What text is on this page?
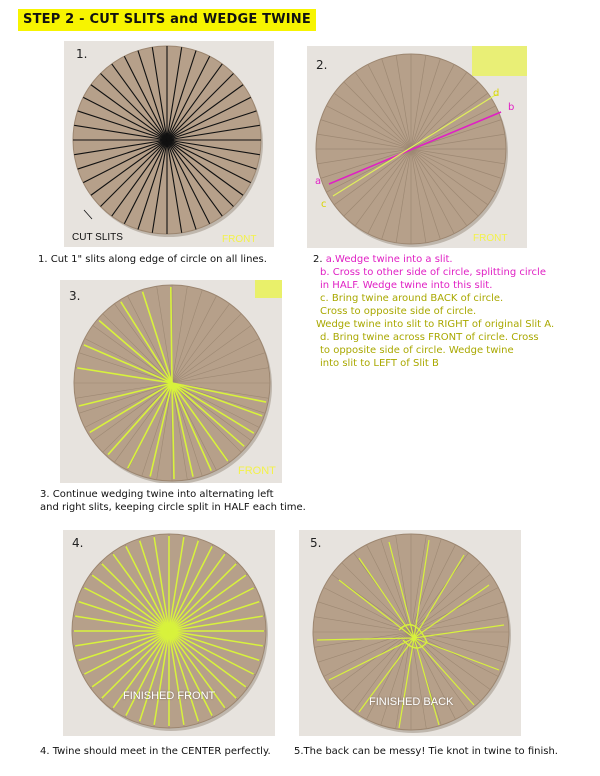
STEP 2 - CUT SLITS and WEDGE TWINE
1.
CUT SLITS	FRONT
2.
a
b
c
d
FRONT
3.
FRONT
4.
FINISHED FRONT
5.
FINISHED BACK
1. Cut 1" slits along edge of circle on all lines.	2. a.Wedge twine into a slit.
b. Cross to other side of circle, splitting circle
in HALF. Wedge twine into this slit.
c. Bring twine around BACK of circle.
Cross to opposite side of circle.
Wedge twine into slit to RIGHT of original Slit A.
d. Bring twine across FRONT of circle. Cross
to opposite side of circle. Wedge twine
into slit to LEFT of Slit B
3. Continue wedging twine into alternating left
and right slits, keeping circle split in HALF each time.
4. Twine should meet in the CENTER perfectly. 5.The back can be messy! Tie knot in twine to finish.
